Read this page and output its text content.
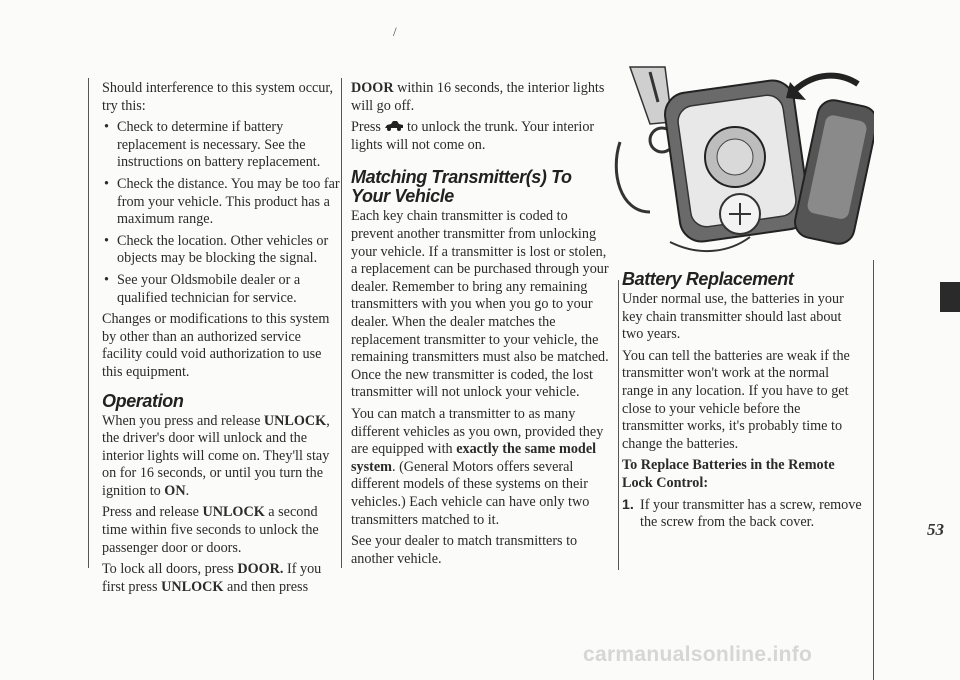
/

Should interference to this system occur, try this:

• Check to determine if battery replacement is necessary. See the instructions on battery replacement.
• Check the distance. You may be too far from your vehicle. This product has a maximum range.
• Check the location. Other vehicles or objects may be blocking the signal.
• See your Oldsmobile dealer or a qualified technician for service.

Changes or modifications to this system by other than an authorized service facility could void authorization to use this equipment.

Operation

When you press and release UNLOCK, the driver's door will unlock and the interior lights will come on. They'll stay on for 16 seconds, or until you turn the ignition to ON.

Press and release UNLOCK a second time within five seconds to unlock the passenger door or doors.

To lock all doors, press DOOR. If you first press UNLOCK and then press

DOOR within 16 seconds, the interior lights will go off.

Press to unlock the trunk. Your interior lights will not come on.

Matching Transmitter(s) To Your Vehicle

Each key chain transmitter is coded to prevent another transmitter from unlocking your vehicle. If a transmitter is lost or stolen, a replacement can be purchased through your dealer. Remember to bring any remaining transmitters with you when you go to your dealer. When the dealer matches the replacement transmitter to your vehicle, the remaining transmitters must also be matched. Once the new transmitter is coded, the lost transmitter will not unlock your vehicle.

You can match a transmitter to as many different vehicles as you own, provided they are equipped with exactly the same model system. (General Motors offers several different models of these systems on their vehicles.) Each vehicle can have only two transmitters matched to it.

See your dealer to match transmitters to another vehicle.

Battery Replacement

Under normal use, the batteries in your key chain transmitter should last about two years.

You can tell the batteries are weak if the transmitter won't work at the normal range in any location. If you have to get close to your vehicle before the transmitter works, it's probably time to change the batteries.

To Replace Batteries in the Remote Lock Control:

1. If your transmitter has a screw, remove the screw from the back cover.	53
carmanualsonline.info
